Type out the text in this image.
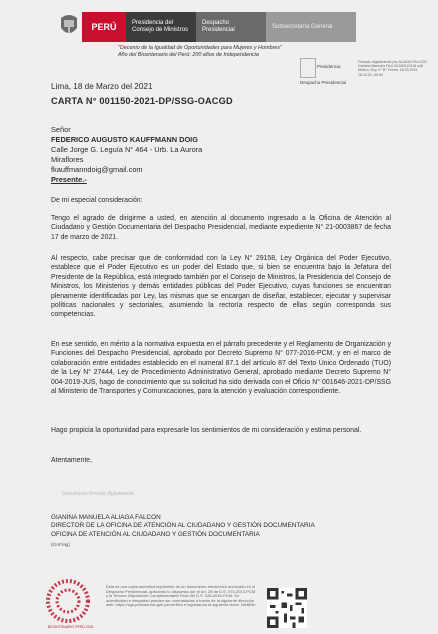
PERÚ	Presidencia del Consejo de Ministros
Despacho Presidencial
Subsecretaría General
"Decenio de la Igualdad de Oportunidades para Mujeres y Hombres"
Año del Bicentenario del Perú: 200 años de Independencia
Presidencia
Despacho Presidencial
Firmado digitalmente por ALIAGA FALCON Gianina Manuela FAU 20100012518 soft Motivo: Doy V° B° Fecha: 18.03.2021 18:12:01 -05:00
Lima, 18 de Marzo del 2021
CARTA N° 001150-2021-DP/SSG-OACGD
Señor
FEDERICO AUGUSTO KAUFFMANN DOIG
Calle Jorge G. Leguía N° 464 - Urb. La Aurora
Miraflores
fkauffmanndoig@gmail.com
Presente.-
De mi especial consideración:
Tengo el agrado de dirigirme a usted, en atención al documento ingresado a la Oficina de Atención al Ciudadano y Gestión Documentaria del Despacho Presidencial, mediante expediente N° 21-0003867 de fecha 17 de marzo de 2021.
Al respecto, cabe precisar que de conformidad con la Ley N° 29158, Ley Orgánica del Poder Ejecutivo, establece que el Poder Ejecutivo es un poder del Estado que, si bien se encuentra bajo la Jefatura del Presidente de la República, está integrado también por el Consejo de Ministros, la Presidencia del Consejo de Ministros, los Ministerios y demás entidades públicas del Poder Ejecutivo, cuyas funciones se encuentran plenamente identificadas por Ley, las mismas que se encargan de diseñar, establecer, ejecutar y supervisar políticas nacionales y sectoriales, asumiendo la rectoría respecto de ellas según corresponda sus competencias.
En ese sentido, en mérito a la normativa expuesta en el párrafo precedente y el Reglamento de Organización y Funciones del Despacho Presidencial, aprobado por Decreto Supremo N° 077-2016-PCM, y en el marco de colaboración entre entidades establecido en el numeral 87.1 del artículo 87 del Texto Único Ordenado (TUO) de la Ley N° 27444, Ley de Procedimiento Administrativo General, aprobado mediante Decreto Supremo N° 004-2019-JUS, hago de conocimiento que su solicitud ha sido derivada con el Oficio N° 001646-2021-DP/SSG al Ministerio de Transportes y Comunicaciones, para la atención y evaluación correspondiente.
Hago propicia la oportunidad para expresarle los sentimientos de mi consideración y estima personal.
Atentamente,
Documento firmado digitalmente
GIANINA MANUELA ALIAGA FALCON
DIRECTOR DE LA OFICINA DE ATENCIÓN AL CIUDADANO Y GESTIÓN DOCUMENTARIA
OFICINA DE ATENCIÓN AL CIUDADANO Y GESTIÓN DOCUMENTARIA
(GAF/ag)
BICENTENARIO PERÚ 2021
Esta es una copia auténtica imprimible de un documento electrónico archivado en el Despacho Presidencial, aplicando lo dispuesto por el Art. 25 de D.S. 070-2013-PCM y la Tercera Disposición Complementaria Final del D.S. 026-2016-PCM. Su autenticidad e integridad pueden ser contrastadas a través de la siguiente dirección web: https://sgd.presidencia.gob.pe/verifica e ingresando la siguiente clave: NIIdkNh
